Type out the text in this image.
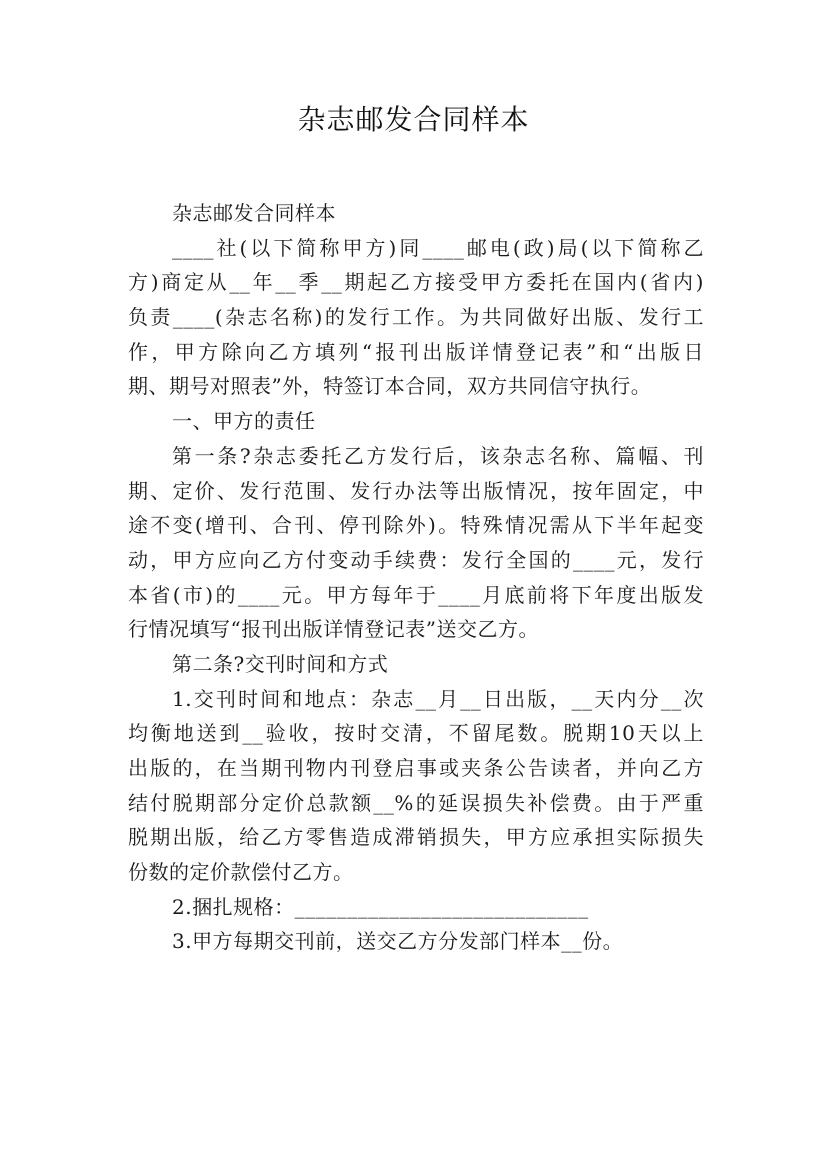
杂志邮发合同样本
杂志邮发合同样本
____社(以下简称甲方)同____邮电(政)局(以下简称乙
方)商定从__年__季__期起乙方接受甲方委托在国内(省内)
负责____(杂志名称)的发行工作。为共同做好出版、发行工
作，甲方除向乙方填列“报刊出版详情登记表”和“出版日
期、期号对照表”外，特签订本合同，双方共同信守执行。
一、甲方的责任
第一条?杂志委托乙方发行后，该杂志名称、篇幅、刊
期、定价、发行范围、发行办法等出版情况，按年固定，中
途不变(增刊、合刊、停刊除外)。特殊情况需从下半年起变
动，甲方应向乙方付变动手续费：发行全国的____元，发行
本省(市)的____元。甲方每年于____月底前将下年度出版发
行情况填写“报刊出版详情登记表”送交乙方。
第二条?交刊时间和方式
1.交刊时间和地点：杂志__月__日出版，__天内分__次
均衡地送到__验收，按时交清，不留尾数。脱期10天以上
出版的，在当期刊物内刊登启事或夹条公告读者，并向乙方
结付脱期部分定价总款额__%的延误损失补偿费。由于严重
脱期出版，给乙方零售造成滞销损失，甲方应承担实际损失
份数的定价款偿付乙方。
2.捆扎规格：____________________________
3.甲方每期交刊前，送交乙方分发部门样本__份。
